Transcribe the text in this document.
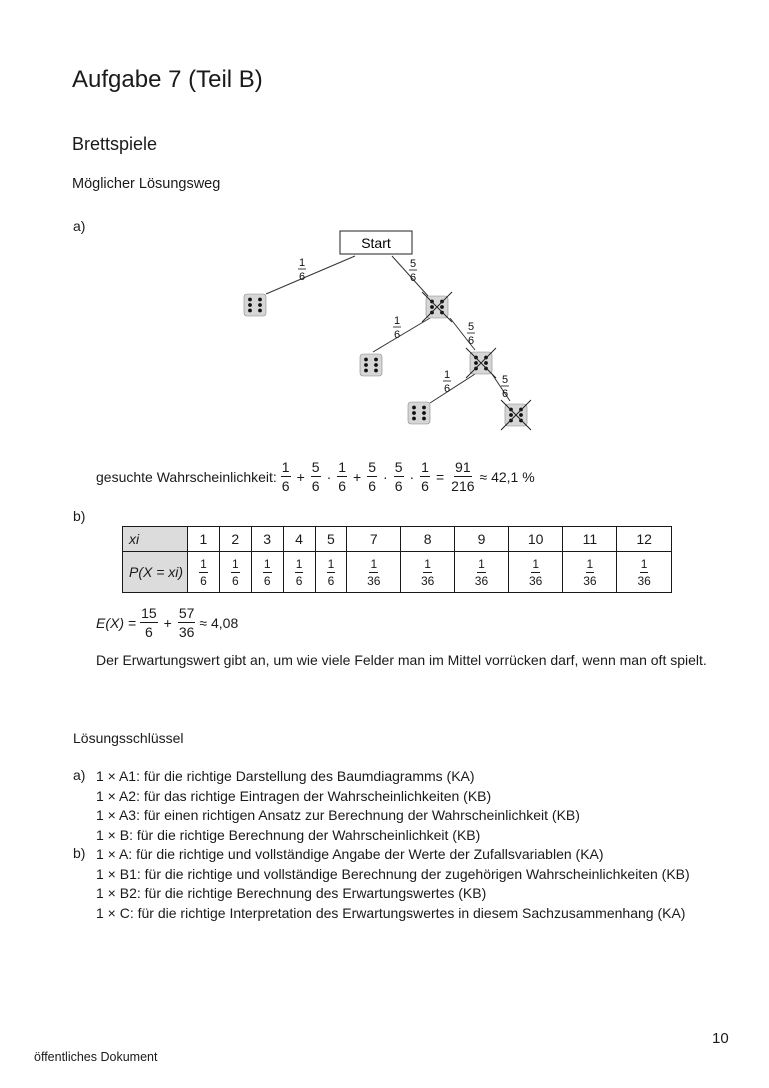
Aufgabe 7 (Teil B)
Brettspiele
Möglicher Lösungsweg
a)
Start
1
6
5
6
1
6
5
6
1
6
5
6
gesuchte Wahrscheinlichkeit: $\frac{1}{6} + \frac{5}{6} \cdot \frac{1}{6} + \frac{5}{6} \cdot \frac{5}{6} \cdot \frac{1}{6} = \frac{91}{216} \approx 42,1$ %
b)
xi	1	2	3	4	5	7	8	9	10	11	12
P(X = xi)	$\frac{1}{6}$	$\frac{1}{6}$	$\frac{1}{6}$	$\frac{1}{6}$	$\frac{1}{6}$	$\frac{1}{36}$	$\frac{1}{36}$	$\frac{1}{36}$	$\frac{1}{36}$	$\frac{1}{36}$	$\frac{1}{36}$
$E(X) = \frac{15}{6} + \frac{57}{36} \approx 4,08$
Der Erwartungswert gibt an, um wie viele Felder man im Mittel vorrücken darf, wenn man oft spielt.
Lösungsschlüssel
a) 1 × A1: für die richtige Darstellung des Baumdiagramms (KA)
1 × A2: für das richtige Eintragen der Wahrscheinlichkeiten (KB)
1 × A3: für einen richtigen Ansatz zur Berechnung der Wahrscheinlichkeit (KB)
1 × B: für die richtige Berechnung der Wahrscheinlichkeit (KB)
b) 1 × A: für die richtige und vollständige Angabe der Werte der Zufallsvariablen (KA)
1 × B1: für die richtige und vollständige Berechnung der zugehörigen Wahrscheinlichkeiten (KB)
1 × B2: für die richtige Berechnung des Erwartungswertes (KB)
1 × C: für die richtige Interpretation des Erwartungswertes in diesem Sachzusammenhang (KA)
10
öffentliches Dokument
